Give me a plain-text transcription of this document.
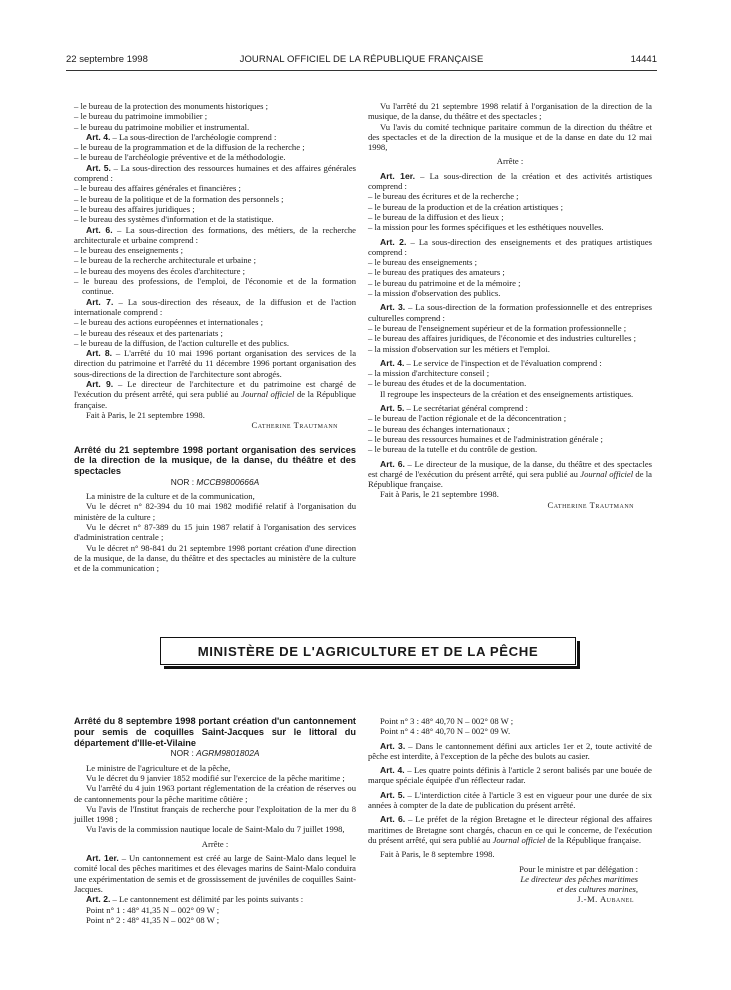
22 septembre 1998	JOURNAL OFFICIEL DE LA RÉPUBLIQUE FRANÇAISE	14441

– le bureau de la protection des monuments historiques ;

– le bureau du patrimoine immobilier ;

– le bureau du patrimoine mobilier et instrumental.

Art. 4. – La sous-direction de l'archéologie comprend :

– le bureau de la programmation et de la diffusion de la recherche ;

– le bureau de l'archéologie préventive et de la méthodologie.

Art. 5. – La sous-direction des ressources humaines et des affaires générales comprend :

– le bureau des affaires générales et financières ;

– le bureau de la politique et de la formation des personnels ;

– le bureau des affaires juridiques ;

– le bureau des systèmes d'information et de la statistique.

Art. 6. – La sous-direction des formations, des métiers, de la recherche architecturale et urbaine comprend :

– le bureau des enseignements ;

– le bureau de la recherche architecturale et urbaine ;

– le bureau des moyens des écoles d'architecture ;

– le bureau des professions, de l'emploi, de l'économie et de la formation continue.

Art. 7. – La sous-direction des réseaux, de la diffusion et de l'action internationale comprend :

– le bureau des actions européennes et internationales ;

– le bureau des réseaux et des partenariats ;

– le bureau de la diffusion, de l'action culturelle et des publics.

Art. 8. – L'arrêté du 10 mai 1996 portant organisation des services de la direction du patrimoine et l'arrêté du 11 décembre 1996 portant organisation des sous-directions de la direction de l'architecture sont abrogés.

Art. 9. – Le directeur de l'architecture et du patrimoine est chargé de l'exécution du présent arrêté, qui sera publié au Journal officiel de la République française.

Fait à Paris, le 21 septembre 1998.

Catherine Trautmann

Arrêté du 21 septembre 1998 portant organisation des services de la direction de la musique, de la danse, du théâtre et des spectacles

NOR : MCCB9800666A

La ministre de la culture et de la communication,

Vu le décret n° 82-394 du 10 mai 1982 modifié relatif à l'organisation du ministère de la culture ;

Vu le décret n° 87-389 du 15 juin 1987 relatif à l'organisation des services d'administration centrale ;

Vu le décret n° 98-841 du 21 septembre 1998 portant création d'une direction de la musique, de la danse, du théâtre et des spectacles au ministère de la culture et de la communication ;

Vu l'arrêté du 21 septembre 1998 relatif à l'organisation de la direction de la musique, de la danse, du théâtre et des spectacles ;

Vu l'avis du comité technique paritaire commun de la direction du théâtre et des spectacles et de la direction de la musique et de la danse en date du 12 mai 1998,

Arrête :

Art. 1er. – La sous-direction de la création et des activités artistiques comprend :

– le bureau des écritures et de la recherche ;

– le bureau de la production et de la création artistiques ;

– le bureau de la diffusion et des lieux ;

– la mission pour les formes spécifiques et les esthétiques nouvelles.

Art. 2. – La sous-direction des enseignements et des pratiques artistiques comprend :

– le bureau des enseignements ;

– le bureau des pratiques des amateurs ;

– le bureau du patrimoine et de la mémoire ;

– la mission d'observation des publics.

Art. 3. – La sous-direction de la formation professionnelle et des entreprises culturelles comprend :

– le bureau de l'enseignement supérieur et de la formation professionnelle ;

– le bureau des affaires juridiques, de l'économie et des industries culturelles ;

– la mission d'observation sur les métiers et l'emploi.

Art. 4. – Le service de l'inspection et de l'évaluation comprend :

– la mission d'architecture conseil ;

– le bureau des études et de la documentation.

Il regroupe les inspecteurs de la création et des enseignements artistiques.

Art. 5. – Le secrétariat général comprend :

– le bureau de l'action régionale et de la déconcentration ;

– le bureau des échanges internationaux ;

– le bureau des ressources humaines et de l'administration générale ;

– le bureau de la tutelle et du contrôle de gestion.

Art. 6. – Le directeur de la musique, de la danse, du théâtre et des spectacles est chargé de l'exécution du présent arrêté, qui sera publié au Journal officiel de la République française.

Fait à Paris, le 21 septembre 1998.

Catherine Trautmann

MINISTÈRE DE L'AGRICULTURE ET DE LA PÊCHE

Arrêté du 8 septembre 1998 portant création d'un cantonnement pour semis de coquilles Saint-Jacques sur le littoral du département d'Ille-et-Vilaine

NOR : AGRM9801802A

Le ministre de l'agriculture et de la pêche,

Vu le décret du 9 janvier 1852 modifié sur l'exercice de la pêche maritime ;

Vu l'arrêté du 4 juin 1963 portant réglementation de la création de réserves ou de cantonnements pour la pêche maritime côtière ;

Vu l'avis de l'Institut français de recherche pour l'exploitation de la mer du 8 juillet 1998 ;

Vu l'avis de la commission nautique locale de Saint-Malo du 7 juillet 1998,

Arrête :

Art. 1er. – Un cantonnement est créé au large de Saint-Malo dans lequel le comité local des pêches maritimes et des élevages marins de Saint-Malo conduira une expérimentation de semis et de grossissement de juvéniles de coquilles Saint-Jacques.

Art. 2. – Le cantonnement est délimité par les points suivants :

Point n° 1 : 48° 41,35 N – 002° 09 W ;

Point n° 2 : 48° 41,35 N – 002° 08 W ;

Point n° 3 : 48° 40,70 N – 002° 08 W ;

Point n° 4 : 48° 40,70 N – 002° 09 W.

Art. 3. – Dans le cantonnement défini aux articles 1er et 2, toute activité de pêche est interdite, à l'exception de la pêche des bulots au casier.

Art. 4. – Les quatre points définis à l'article 2 seront balisés par une bouée de marque spéciale équipée d'un réflecteur radar.

Art. 5. – L'interdiction citée à l'article 3 est en vigueur pour une durée de six années à compter de la date de publication du présent arrêté.

Art. 6. – Le préfet de la région Bretagne et le directeur régional des affaires maritimes de Bretagne sont chargés, chacun en ce qui le concerne, de l'exécution du présent arrêté, qui sera publié au Journal officiel de la République française.

Fait à Paris, le 8 septembre 1998.

Pour le ministre et par délégation :

Le directeur des pêches maritimes

et des cultures marines,

J.-M. Aubanel
